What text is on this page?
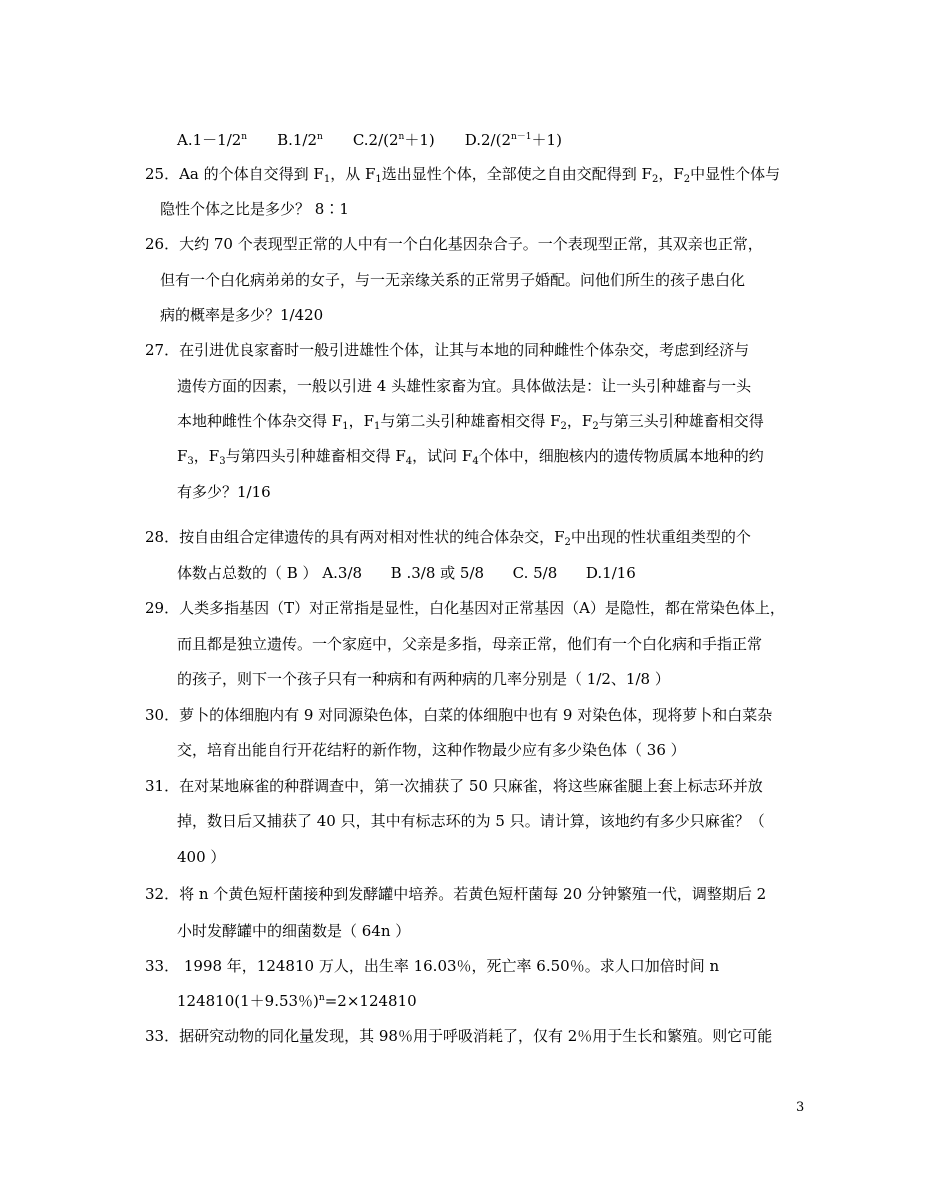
$A.1-1/2^n$ B.1/2$^n$ $C.2/(2^n+1)$ $D.2/(2^{n-1}+1)$
25．Aa 的个体自交得到 $F_1$，从 $F_1$选出显性个体，全部使之自由交配得到 $F_2$，$F_2$中显性个体与
隐性个体之比是多少？ 8∶1
26．大约 70 个表现型正常的人中有一个白化基因杂合子。一个表现型正常，其双亲也正常，
但有一个白化病弟弟的女子，与一无亲缘关系的正常男子婚配。问他们所生的孩子患白化
病的概率是多少？1/420
27．在引进优良家畜时一般引进雄性个体，让其与本地的同种雌性个体杂交，考虑到经济与
遗传方面的因素，一般以引进 4 头雄性家畜为宜。具体做法是：让一头引种雄畜与一头
本地种雌性个体杂交得 $F_1$，$F_1$与第二头引种雄畜相交得 $F_2$，$F_2$与第三头引种雄畜相交得
$F_3$，$F_3$与第四头引种雄畜相交得 $F_4$，试问 $F_4$个体中，细胞核内的遗传物质属本地种的约
有多少？1/16
28．按自由组合定律遗传的具有两对相对性状的纯合体杂交，$F_2$中出现的性状重组类型的个
体数占总数的（ B ） A.3/8      B .3/8 或 5/8      C. 5/8      D.1/16
29．人类多指基因（T）对正常指是显性，白化基因对正常基因（A）是隐性，都在常染色体上，
而且都是独立遗传。一个家庭中，父亲是多指，母亲正常，他们有一个白化病和手指正常
的孩子，则下一个孩子只有一种病和有两种病的几率分别是（ 1/2、1/8 ）
30．萝卜的体细胞内有 9 对同源染色体，白菜的体细胞中也有 9 对染色体，现将萝卜和白菜杂
交，培育出能自行开花结籽的新作物，这种作物最少应有多少染色体（ 36 ）
31．在对某地麻雀的种群调查中，第一次捕获了 50 只麻雀，将这些麻雀腿上套上标志环并放
掉，数日后又捕获了 40 只，其中有标志环的为 5 只。请计算，该地约有多少只麻雀？（
400 ）
32．将 n 个黄色短杆菌接种到发酵罐中培养。若黄色短杆菌每 20 分钟繁殖一代，调整期后 2
小时发酵罐中的细菌数是（ 64n ）
33． 1998 年，124810 万人，出生率 16.03％，死亡率 6.50％。求人口加倍时间 n
124810(1＋9.53％)$^n$=2×124810
33．据研究动物的同化量发现，其 98％用于呼吸消耗了，仅有 2％用于生长和繁殖。则它可能
3
